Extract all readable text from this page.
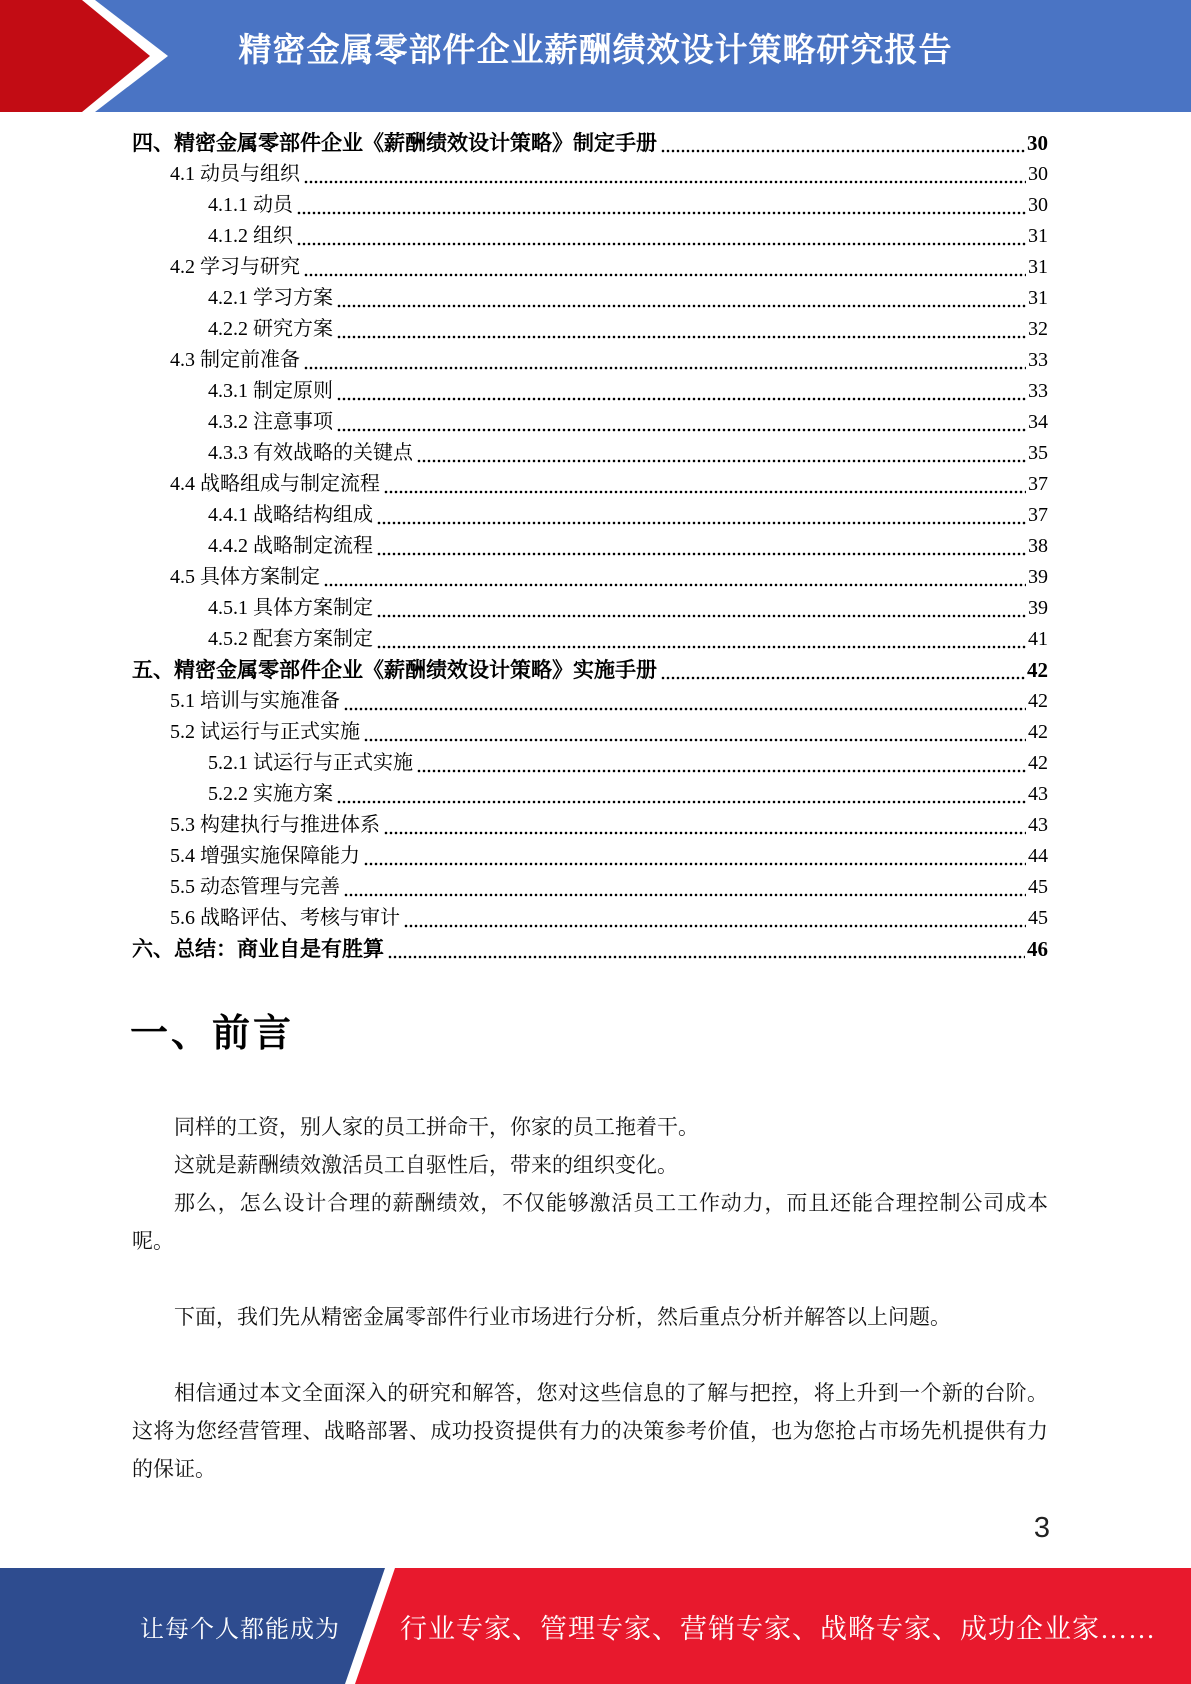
精密金属零部件企业薪酬绩效设计策略研究报告
四、精密金属零部件企业《薪酬绩效设计策略》制定手册	30
4.1 动员与组织	30
4.1.1 动员	30
4.1.2 组织	31
4.2 学习与研究	31
4.2.1 学习方案	31
4.2.2 研究方案	32
4.3 制定前准备	33
4.3.1 制定原则	33
4.3.2 注意事项	34
4.3.3 有效战略的关键点	35
4.4 战略组成与制定流程	37
4.4.1 战略结构组成	37
4.4.2 战略制定流程	38
4.5 具体方案制定	39
4.5.1 具体方案制定	39
4.5.2 配套方案制定	41
五、精密金属零部件企业《薪酬绩效设计策略》实施手册	42
5.1 培训与实施准备	42
5.2 试运行与正式实施	42
5.2.1 试运行与正式实施	42
5.2.2 实施方案	43
5.3 构建执行与推进体系	43
5.4 增强实施保障能力	44
5.5 动态管理与完善	45
5.6 战略评估、考核与审计	45
六、总结：商业自是有胜算	46
一、前言

同样的工资，别人家的员工拼命干，你家的员工拖着干。

这就是薪酬绩效激活员工自驱性后，带来的组织变化。

那么，怎么设计合理的薪酬绩效，不仅能够激活员工工作动力，而且还能合理控制公司成本呢。

下面，我们先从精密金属零部件行业市场进行分析，然后重点分析并解答以上问题。

相信通过本文全面深入的研究和解答，您对这些信息的了解与把控，将上升到一个新的台阶。这将为您经营管理、战略部署、成功投资提供有力的决策参考价值，也为您抢占市场先机提供有力的保证。

3
让每个人都能成为 行业专家、管理专家、营销专家、战略专家、成功企业家……
